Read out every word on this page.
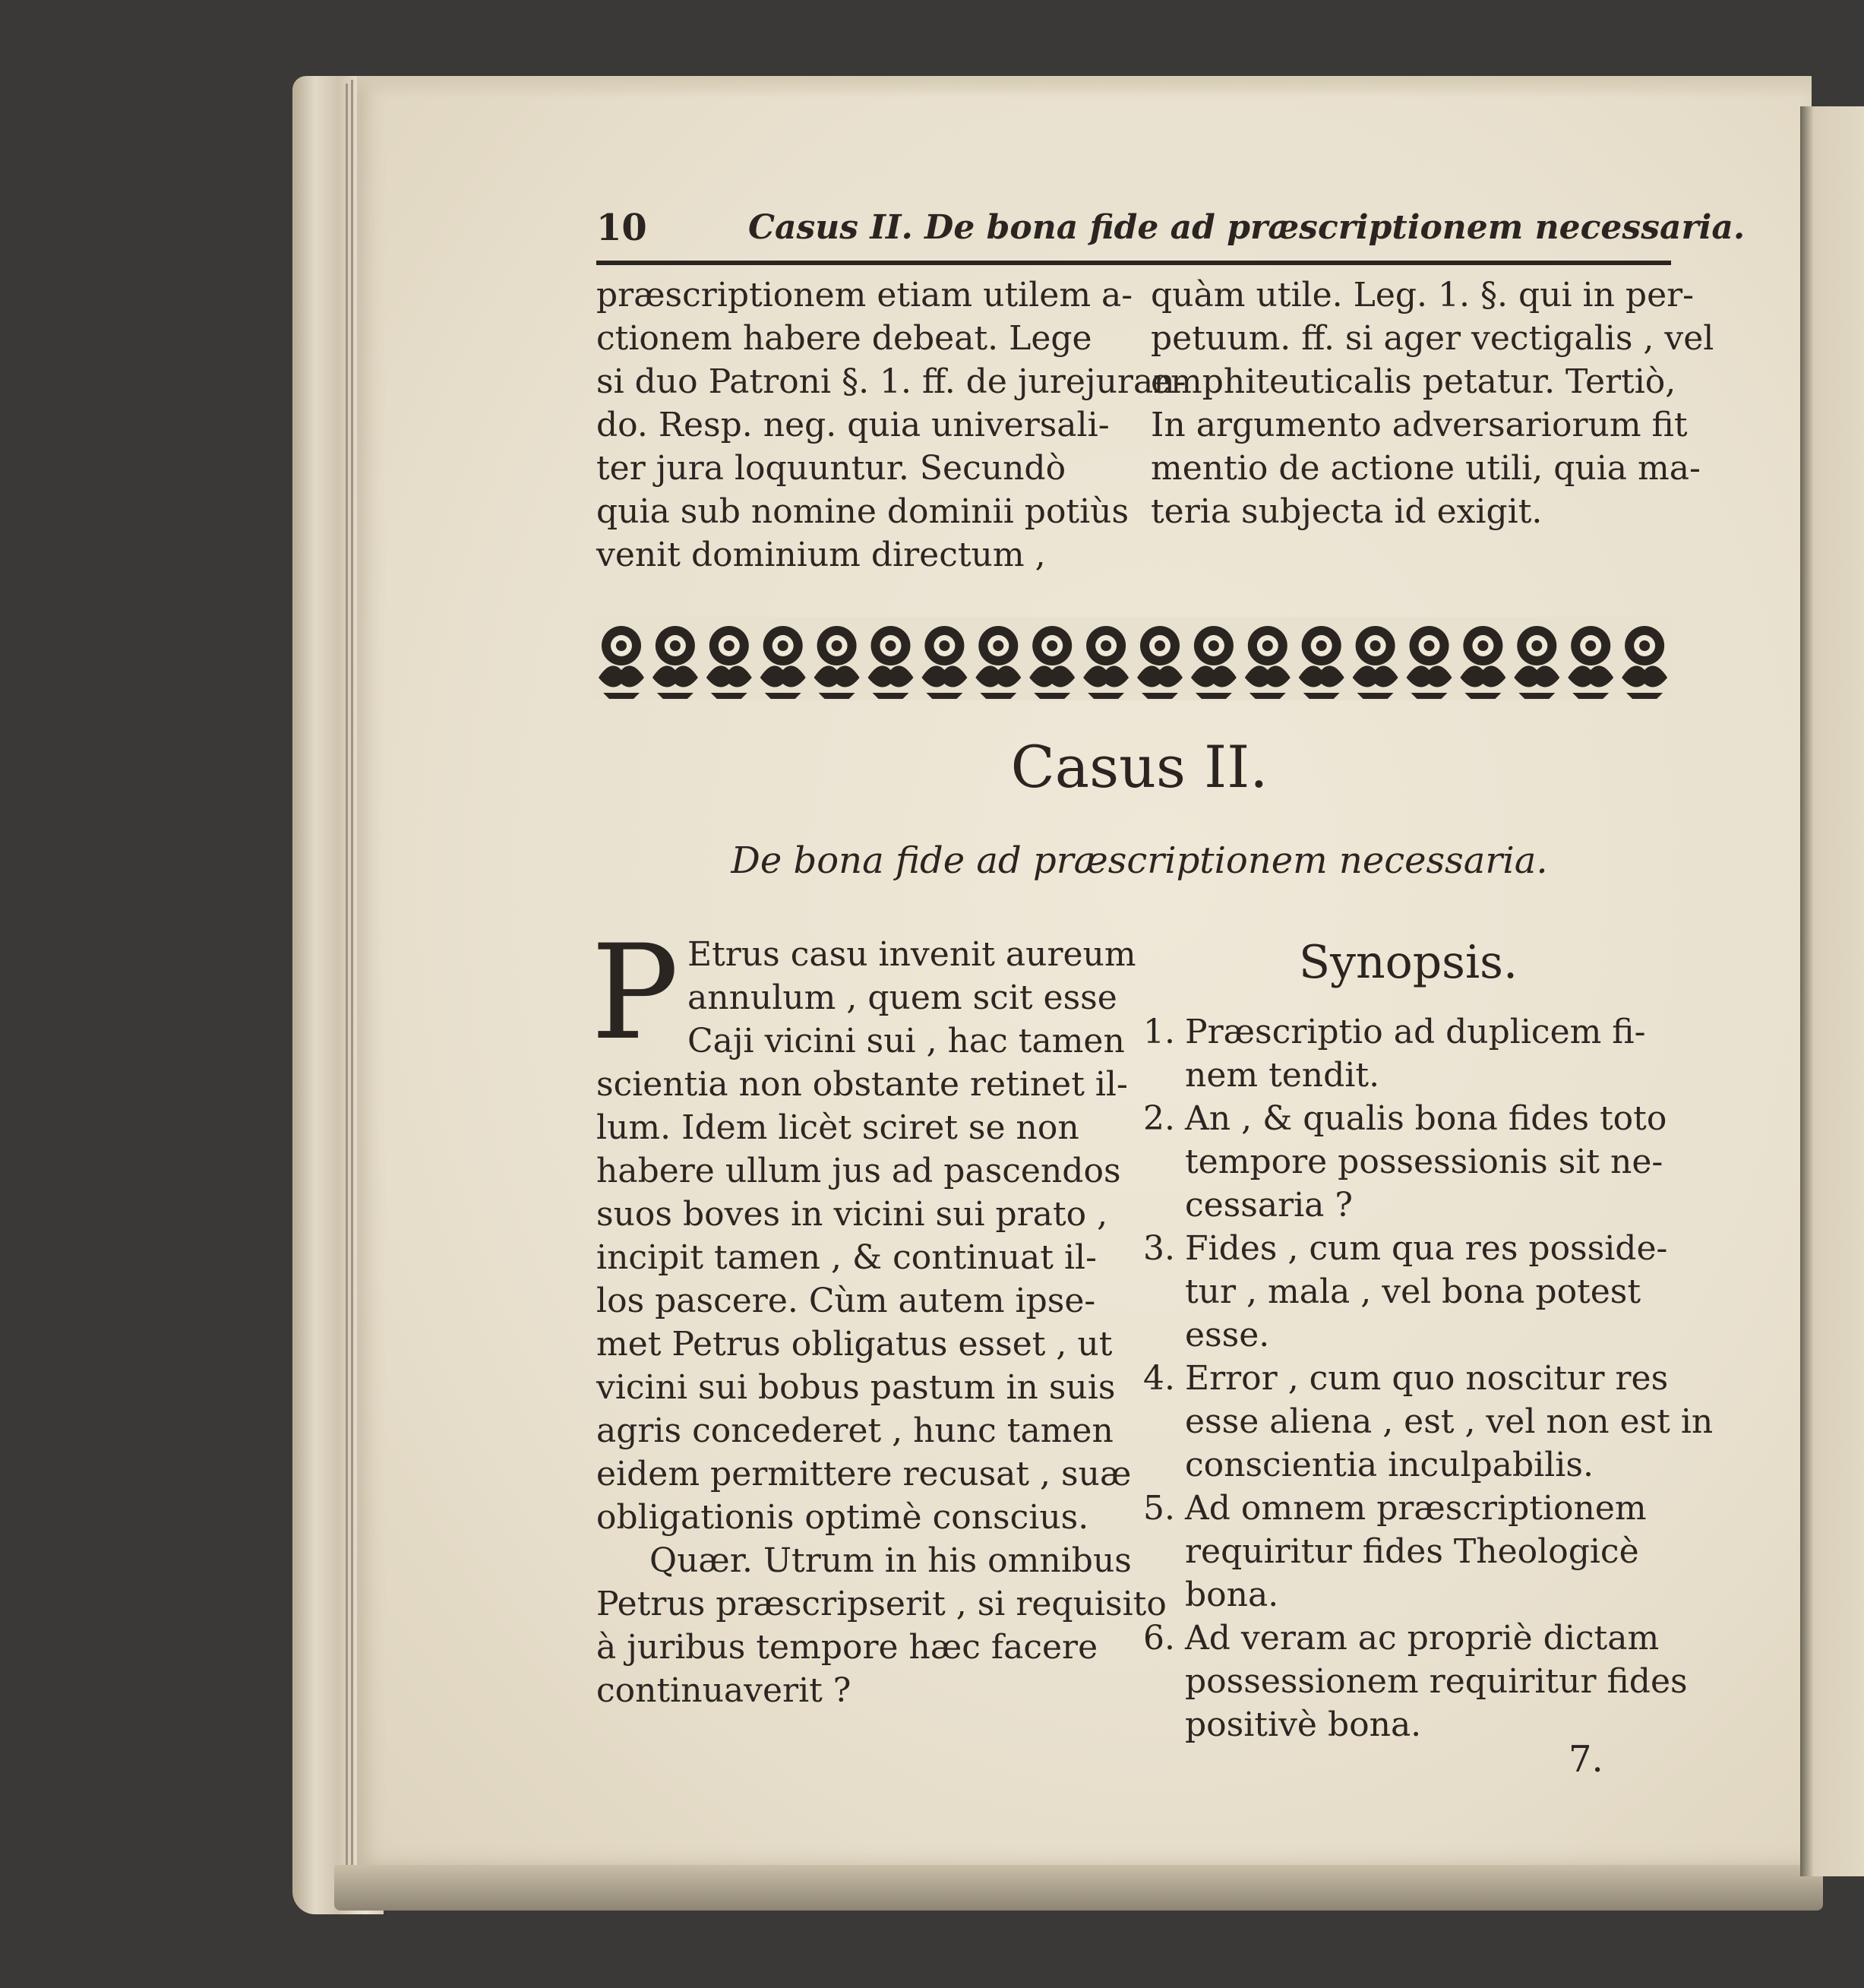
10	Casus II. De bona fide ad præscriptionem necessaria.
præscriptionem etiam utilem a-
ctionem habere debeat. Lege
si duo Patroni §. 1. ff. de jurejuran-
do. Resp. neg. quia universali-
ter jura loquuntur. Secundò
quia sub nomine dominii potiùs
venit dominium directum ,
quàm utile. Leg. 1. §. qui in per-
petuum. ff. si ager vectigalis , vel
emphiteuticalis petatur. Tertiò,
In argumento adversariorum fit
mentio de actione utili, quia ma-
teria subjecta id exigit.
Casus II.
De bona fide ad præscriptionem necessaria.
P Etrus casu invenit aureum
annulum , quem scit esse
Caji vicini sui , hac tamen
scientia non obstante retinet il-
lum. Idem licèt sciret se non
habere ullum jus ad pascendos
suos boves in vicini sui prato ,
incipit tamen , & continuat il-
los pascere. Cùm autem ipse-
met Petrus obligatus esset , ut
vicini sui bobus pastum in suis
agris concederet , hunc tamen
eidem permittere recusat , suæ
obligationis optimè conscius.
Quær. Utrum in his omnibus
Petrus præscripserit , si requisito
à juribus tempore hæc facere
continuaverit ?
Synopsis.
1. Præscriptio ad duplicem fi-
nem tendit.
2. An , & qualis bona fides toto
tempore possessionis sit ne-
cessaria ?
3. Fides , cum qua res posside-
tur , mala , vel bona potest
esse.
4. Error , cum quo noscitur res
esse aliena , est , vel non est in
conscientia inculpabilis.
5. Ad omnem præscriptionem
requiritur fides Theologicè
bona.
6. Ad veram ac propriè dictam
possessionem requiritur fides
positivè bona.
7.
